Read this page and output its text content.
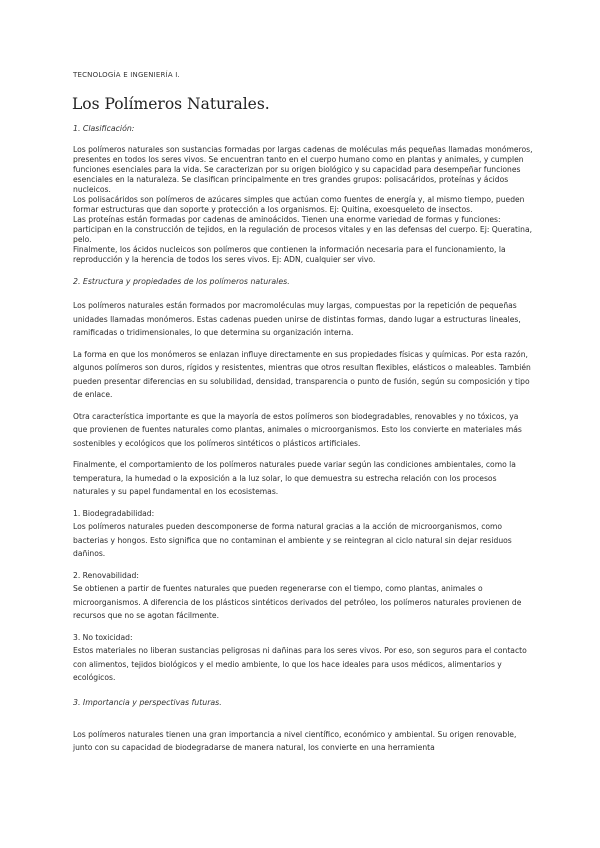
TECNOLOGÍA E INGENIERÍA I.
Los Polímeros Naturales.

1. Clasificación:

Los polímeros naturales son sustancias formadas por largas cadenas de moléculas más pequeñas llamadas monómeros, presentes en todos los seres vivos. Se encuentran tanto en el cuerpo humano como en plantas y animales, y cumplen funciones esenciales para la vida. Se caracterizan por su origen biológico y su capacidad para desempeñar funciones esenciales en la naturaleza. Se clasifican principalmente en tres grandes grupos: polisacáridos, proteínas y ácidos nucleicos.

Los polisacáridos son polímeros de azúcares simples que actúan como fuentes de energía y, al mismo tiempo, pueden formar estructuras que dan soporte y protección a los organismos. Ej: Quitina, exoesqueleto de insectos.

Las proteínas están formadas por cadenas de aminoácidos. Tienen una enorme variedad de formas y funciones: participan en la construcción de tejidos, en la regulación de procesos vitales y en las defensas del cuerpo. Ej: Queratina, pelo.

Finalmente, los ácidos nucleicos son polímeros que contienen la información necesaria para el funcionamiento, la reproducción y la herencia de todos los seres vivos. Ej: ADN, cualquier ser vivo.

2. Estructura y propiedades de los polímeros naturales.

Los polímeros naturales están formados por macromoléculas muy largas, compuestas por la repetición de pequeñas unidades llamadas monómeros. Estas cadenas pueden unirse de distintas formas, dando lugar a estructuras lineales, ramificadas o tridimensionales, lo que determina su organización interna.

La forma en que los monómeros se enlazan influye directamente en sus propiedades físicas y químicas. Por esta razón, algunos polímeros son duros, rígidos y resistentes, mientras que otros resultan flexibles, elásticos o maleables. También pueden presentar diferencias en su solubilidad, densidad, transparencia o punto de fusión, según su composición y tipo de enlace.

Otra característica importante es que la mayoría de estos polímeros son biodegradables, renovables y no tóxicos, ya que provienen de fuentes naturales como plantas, animales o microorganismos. Esto los convierte en materiales más sostenibles y ecológicos que los polímeros sintéticos o plásticos artificiales.

Finalmente, el comportamiento de los polímeros naturales puede variar según las condiciones ambientales, como la temperatura, la humedad o la exposición a la luz solar, lo que demuestra su estrecha relación con los procesos naturales y su papel fundamental en los ecosistemas.

1. Biodegradabilidad:

Los polímeros naturales pueden descomponerse de forma natural gracias a la acción de microorganismos, como bacterias y hongos. Esto significa que no contaminan el ambiente y se reintegran al ciclo natural sin dejar residuos dañinos.

2. Renovabilidad:

Se obtienen a partir de fuentes naturales que pueden regenerarse con el tiempo, como plantas, animales o microorganismos. A diferencia de los plásticos sintéticos derivados del petróleo, los polímeros naturales provienen de recursos que no se agotan fácilmente.

3. No toxicidad:

Estos materiales no liberan sustancias peligrosas ni dañinas para los seres vivos. Por eso, son seguros para el contacto con alimentos, tejidos biológicos y el medio ambiente, lo que los hace ideales para usos médicos, alimentarios y ecológicos.

3. Importancia y perspectivas futuras.

Los polímeros naturales tienen una gran importancia a nivel científico, económico y ambiental. Su origen renovable, junto con su capacidad de biodegradarse de manera natural, los convierte en una herramienta
